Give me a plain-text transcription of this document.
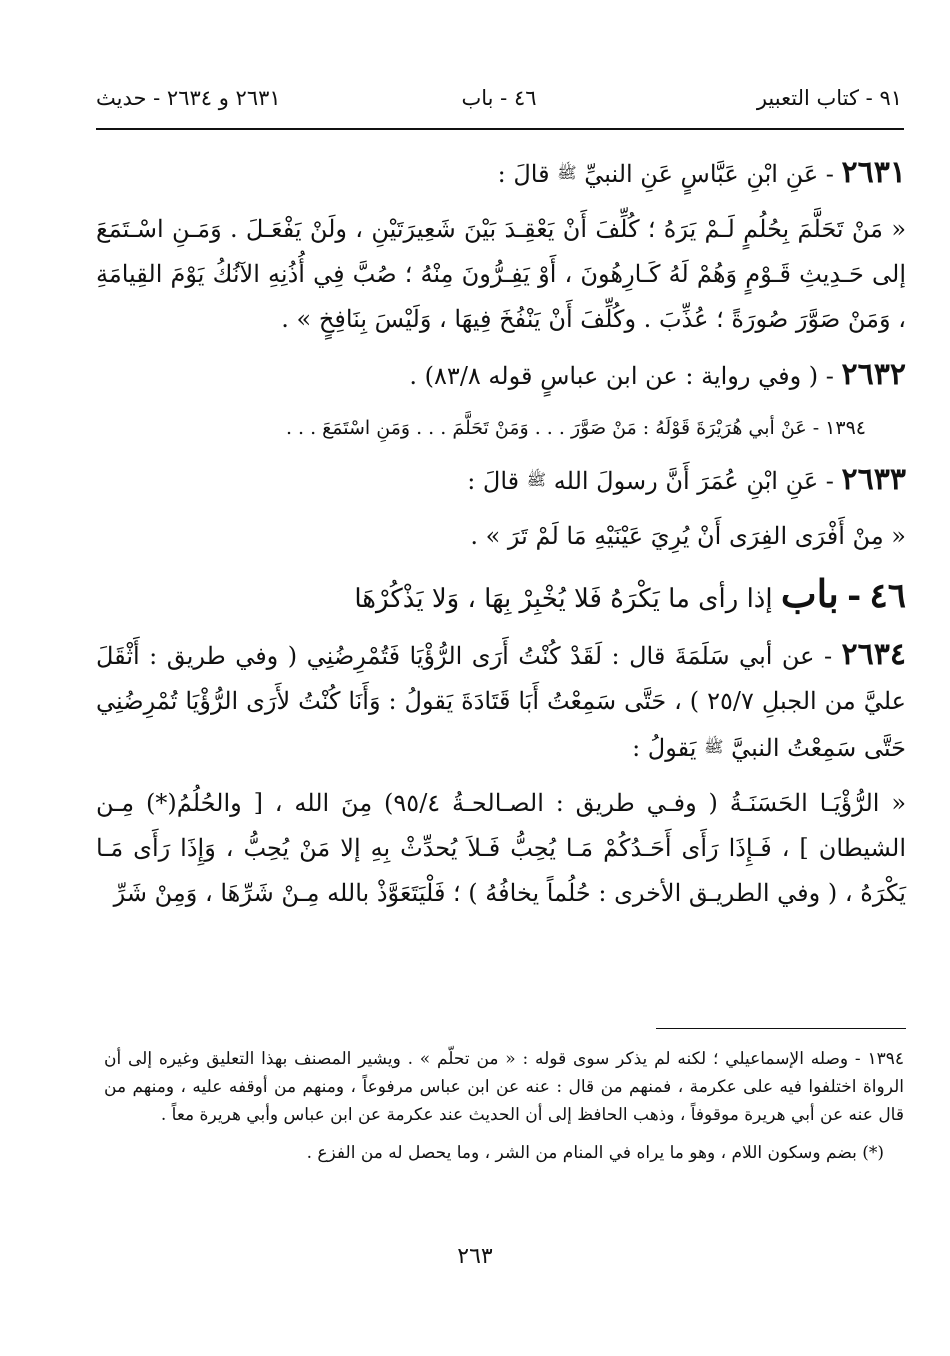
٩١ - كتاب التعبير
٤٦ - باب
٢٦٣١ و ٢٦٣٤ - حديث

٢٦٣١ - عَنِ ابْنِ عَبَّاسٍ عَنِ النبيِّ ﷺ قالَ :

« مَنْ تَحَلَّمَ بِحُلُمٍ لَـمْ يَرَهُ ؛ كُلِّفَ أَنْ يَعْقِـدَ بَيْنَ شَعِيرَتَيْنِ ، ولَنْ يَفْعَـلَ . وَمَـنِ اسْـتَمَعَ إلى حَـدِيثِ قَـوْمٍ وَهُمْ لَهُ كَـارِهُونَ ، أَوْ يَفِـرُّونَ مِنْهُ ؛ صُبَّ فِي أُذُنِهِ الآنُكُ يَوْمَ القِيامَةِ ، وَمَنْ صَوَّرَ صُورَةً ؛ عُذِّبَ . وكُلِّفَ أَنْ يَنْفُخَ فِيهَا ، وَلَيْسَ بِنَافِخٍ » .

٢٦٣٢ - ( وفي رواية : عن ابن عباسٍ قوله ٨٣/٨) .

١٣٩٤ - عَنْ أبي هُرَيْرَةَ قَوْلَهُ : مَنْ صَوَّرَ . . . وَمَنْ تَحَلَّمَ . . . وَمَنِ اسْتَمَعَ . . .

٢٦٣٣ - عَنِ ابْنِ عُمَرَ أَنَّ رسولَ الله ﷺ قالَ :

« مِنْ أَفْرَى الفِرَى أَنْ يُرِيَ عَيْنَيْهِ مَا لَمْ تَرَ » .

٤٦ - باب إذا رأى ما يَكْرَهُ فَلا يُخْبِرْ بِهَا ، وَلا يَذْكُرْهَا

٢٦٣٤ - عن أبي سَلَمَةَ قال : لَقَدْ كُنْتُ أَرَى الرُّؤْيَا فَتُمْرِضُنِي ( وفي طريق : أَثْقَلَ عليَّ من الجبلِ ٢٥/٧ ) ، حَتَّى سَمِعْتُ أَبَا قَتَادَةَ يَقولُ : وَأَنَا كُنْتُ لأَرَى الرُّؤْيَا تُمْرِضُنِي حَتَّى سَمِعْتُ النبيَّ ﷺ يَقولُ :

« الرُّؤْيَـا الحَسَنَـةُ ( وفـي طريق : الصـالحـةُ ٩٥/٤) مِنَ الله ، [ والحُلُمُ(*) مِـن الشيطان ] ، فَـإِذَا رَأَى أَحَـدُكُمْ مَـا يُحِبُّ فَـلاَ يُحدِّثْ بِهِ إلا مَنْ يُحِبُّ ، وَإِذَا رَأَى مَـا يَكْرَهُ ، ( وفي الطريـق الأخرى : حُلُماً يخافُهُ ) ؛ فَلْيَتَعَوَّذْ بالله مِـنْ شَرِّهَا ، وَمِنْ شَرِّ

١٣٩٤ - وصله الإسماعيلي ؛ لكنه لم يذكر سوى قوله : « من تحلّم » . ويشير المصنف بهذا التعليق وغيره إلى أن الرواة اختلفوا فيه على عكرمة ، فمنهم من قال : عنه عن ابن عباس مرفوعاً ، ومنهم من أوقفه عليه ، ومنهم من قال عنه عن أبي هريرة موقوفاً ، وذهب الحافظ إلى أن الحديث عند عكرمة عن ابن عباس وأبي هريرة معاً .

(*) بضم وسكون اللام ، وهو ما يراه في المنام من الشر ، وما يحصل له من الفزع .

٢٦٣
